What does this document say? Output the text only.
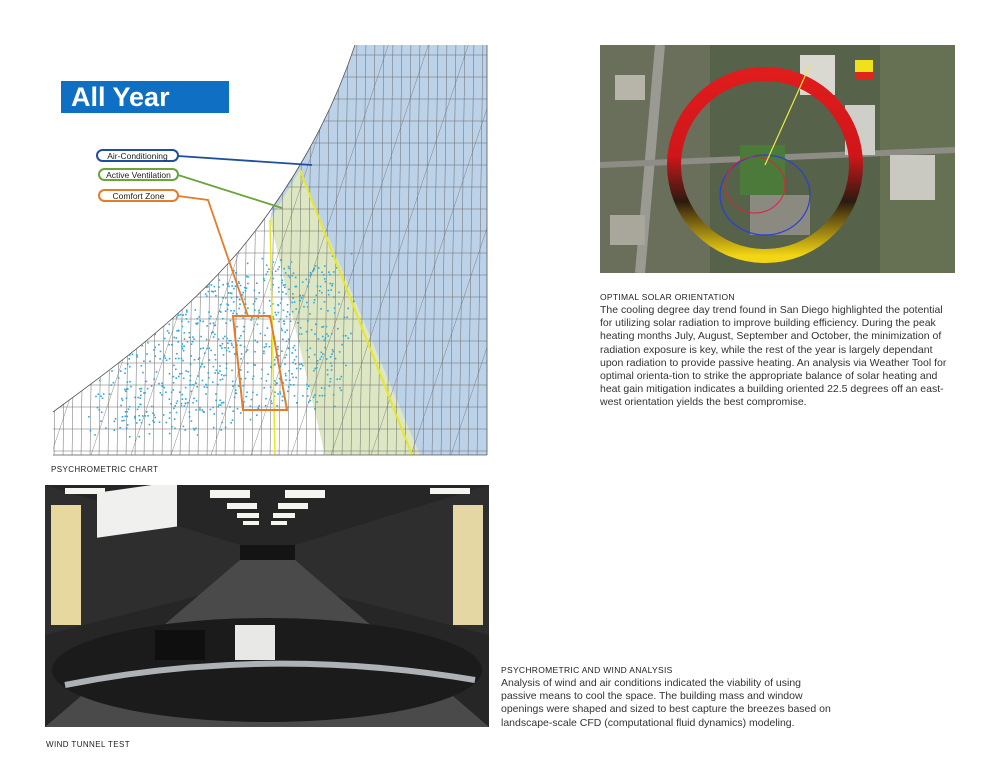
All Year
Air-Conditioning
Active Ventilation
Comfort Zone
PSYCHROMETRIC CHART
OPTIMAL SOLAR ORIENTATION
The cooling degree day trend found in San Diego highlighted the potential for utilizing solar radiation to improve building efficiency. During the peak heating months July, August, September and October, the minimization of radiation exposure is key, while the rest of the year is largely dependant upon radiation to provide passive heating. An analysis via Weather Tool for optimal orienta-tion to strike the appropriate balance of solar heating and heat gain mitigation indicates a building oriented 22.5 degrees off an east-west orientation yields the best compromise.
WIND TUNNEL TEST
PSYCHROMETRIC AND WIND ANALYSIS
Analysis of wind and air conditions indicated the viability of using passive means to cool the space. The building mass and window openings were shaped and sized to best capture the breezes based on landscape-scale CFD (computational fluid dynamics) modeling.
